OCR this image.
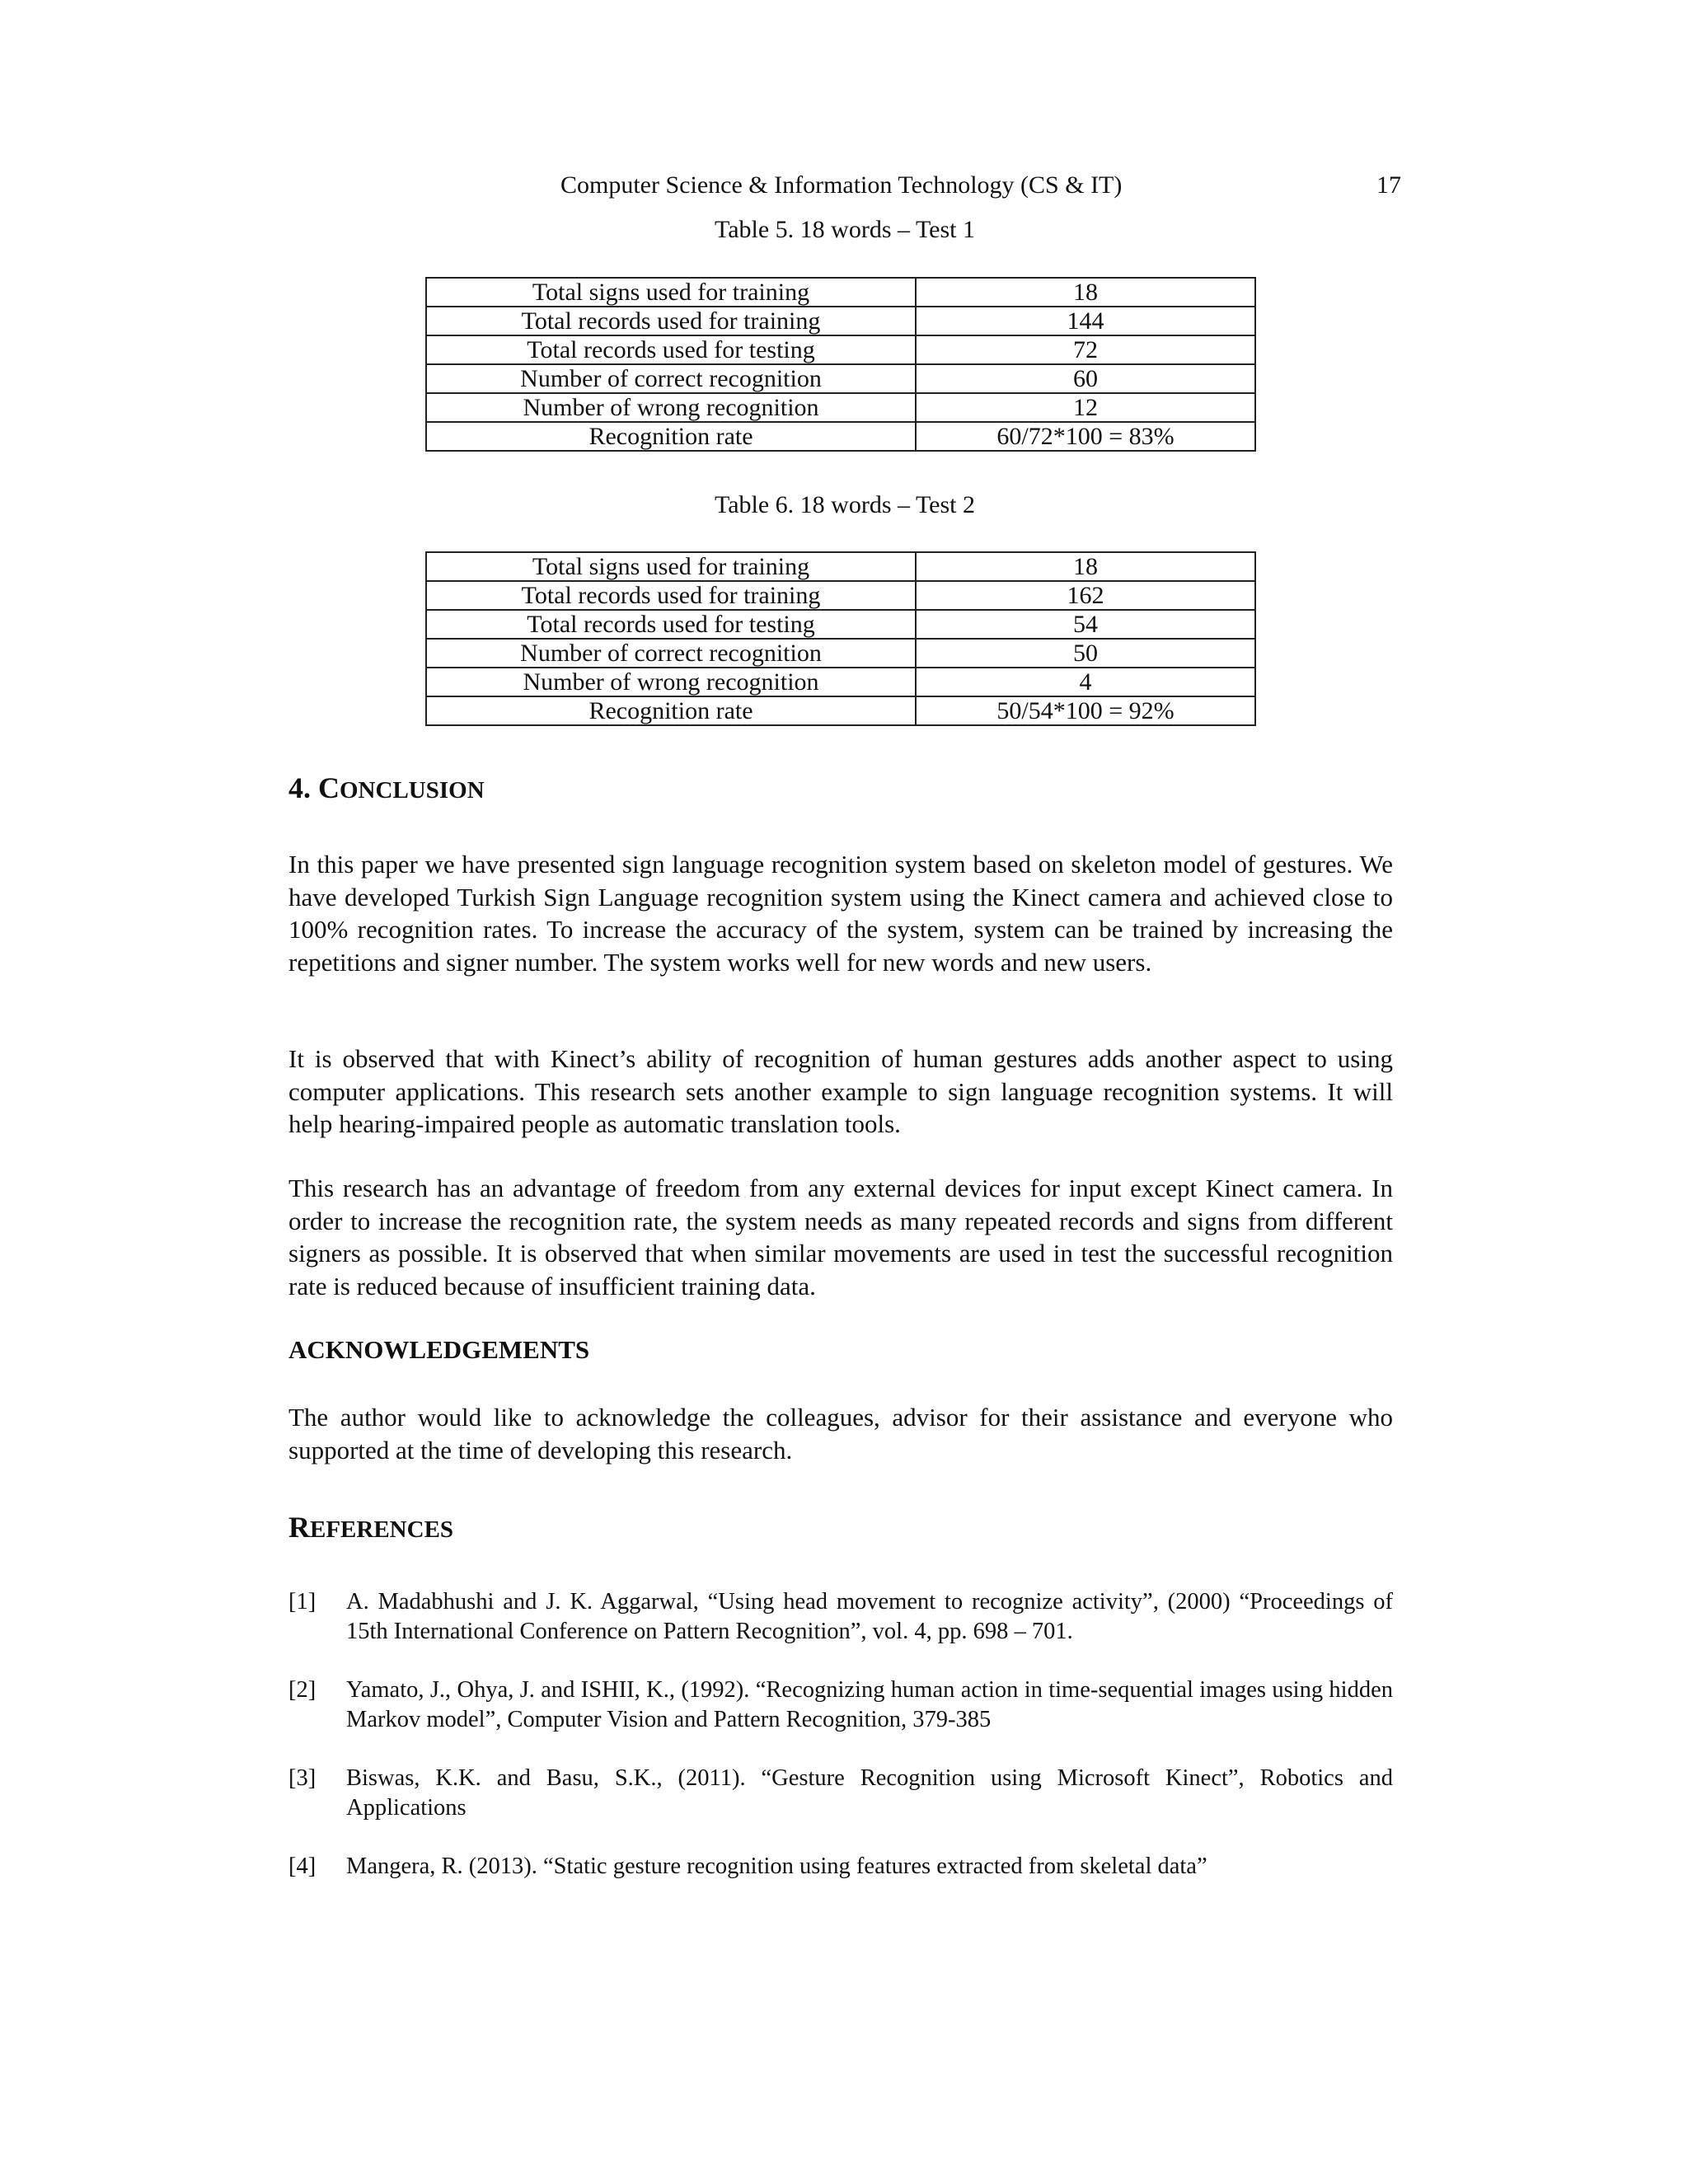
Computer Science & Information Technology (CS & IT)	17
Table 5. 18 words – Test 1
Total signs used for training	18
Total records used for training	144
Total records used for testing	72
Number of correct recognition	60
Number of wrong recognition	12
Recognition rate	60/72*100 = 83%
Table 6. 18 words – Test 2
Total signs used for training	18
Total records used for training	162
Total records used for testing	54
Number of correct recognition	50
Number of wrong recognition	4
Recognition rate	50/54*100 = 92%
4. CONCLUSION

In this paper we have presented sign language recognition system based on skeleton model of gestures. We have developed Turkish Sign Language recognition system using the Kinect camera and achieved close to 100% recognition rates. To increase the accuracy of the system, system can be trained by increasing the repetitions and signer number. The system works well for new words and new users.

It is observed that with Kinect’s ability of recognition of human gestures adds another aspect to using computer applications. This research sets another example to sign language recognition systems. It will help hearing-impaired people as automatic translation tools.

This research has an advantage of freedom from any external devices for input except Kinect camera. In order to increase the recognition rate, the system needs as many repeated records and signs from different signers as possible. It is observed that when similar movements are used in test the successful recognition rate is reduced because of insufficient training data.

ACKNOWLEDGEMENTS

The author would like to acknowledge the colleagues, advisor for their assistance and everyone who supported at the time of developing this research.

REFERENCES
[1] A. Madabhushi and J. K. Aggarwal, “Using head movement to recognize activity”, (2000) “Proceedings of 15th International Conference on Pattern Recognition”, vol. 4, pp. 698 – 701.
[2] Yamato, J., Ohya, J. and ISHII, K., (1992). “Recognizing human action in time-sequential images using hidden Markov model”, Computer Vision and Pattern Recognition, 379-385
[3] Biswas, K.K. and Basu, S.K., (2011). “Gesture Recognition using Microsoft Kinect”, Robotics and Applications
[4] Mangera, R. (2013). “Static gesture recognition using features extracted from skeletal data”
